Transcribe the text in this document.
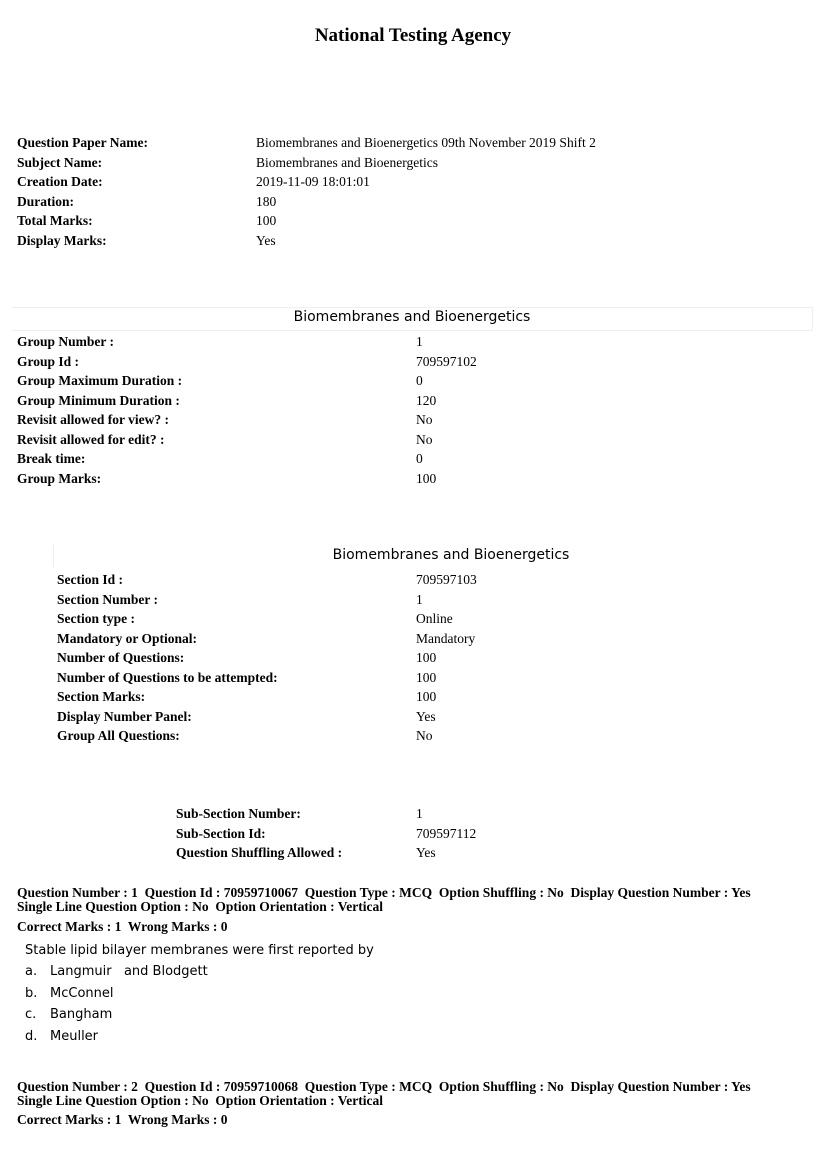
National Testing Agency
Question Paper Name:
Subject Name:
Creation Date:
Duration:
Total Marks:
Display Marks:
Biomembranes and Bioenergetics 09th November 2019 Shift 2
Biomembranes and Bioenergetics
2019-11-09 18:01:01
180
100
Yes
Biomembranes and Bioenergetics
Group Number :
Group Id :
Group Maximum Duration :
Group Minimum Duration :
Revisit allowed for view? :
Revisit allowed for edit? :
Break time:
Group Marks:
1
709597102
0
120
No
No
0
100
Biomembranes and Bioenergetics
Section Id :
Section Number :
Section type :
Mandatory or Optional:
Number of Questions:
Number of Questions to be attempted:
Section Marks:
Display Number Panel:
Group All Questions:
709597103
1
Online
Mandatory
100
100
100
Yes
No
Sub-Section Number:
Sub-Section Id:
Question Shuffling Allowed :
1
709597112
Yes
Question Number : 1  Question Id : 70959710067  Question Type : MCQ  Option Shuffling : No  Display Question Number : Yes
Single Line Question Option : No  Option Orientation : Vertical
Correct Marks : 1  Wrong Marks : 0
Stable lipid bilayer membranes were first reported by
a. Langmuir   and Blodgett
b. McConnel
c. Bangham
d. Meuller
Question Number : 2  Question Id : 70959710068  Question Type : MCQ  Option Shuffling : No  Display Question Number : Yes
Single Line Question Option : No  Option Orientation : Vertical
Correct Marks : 1  Wrong Marks : 0
